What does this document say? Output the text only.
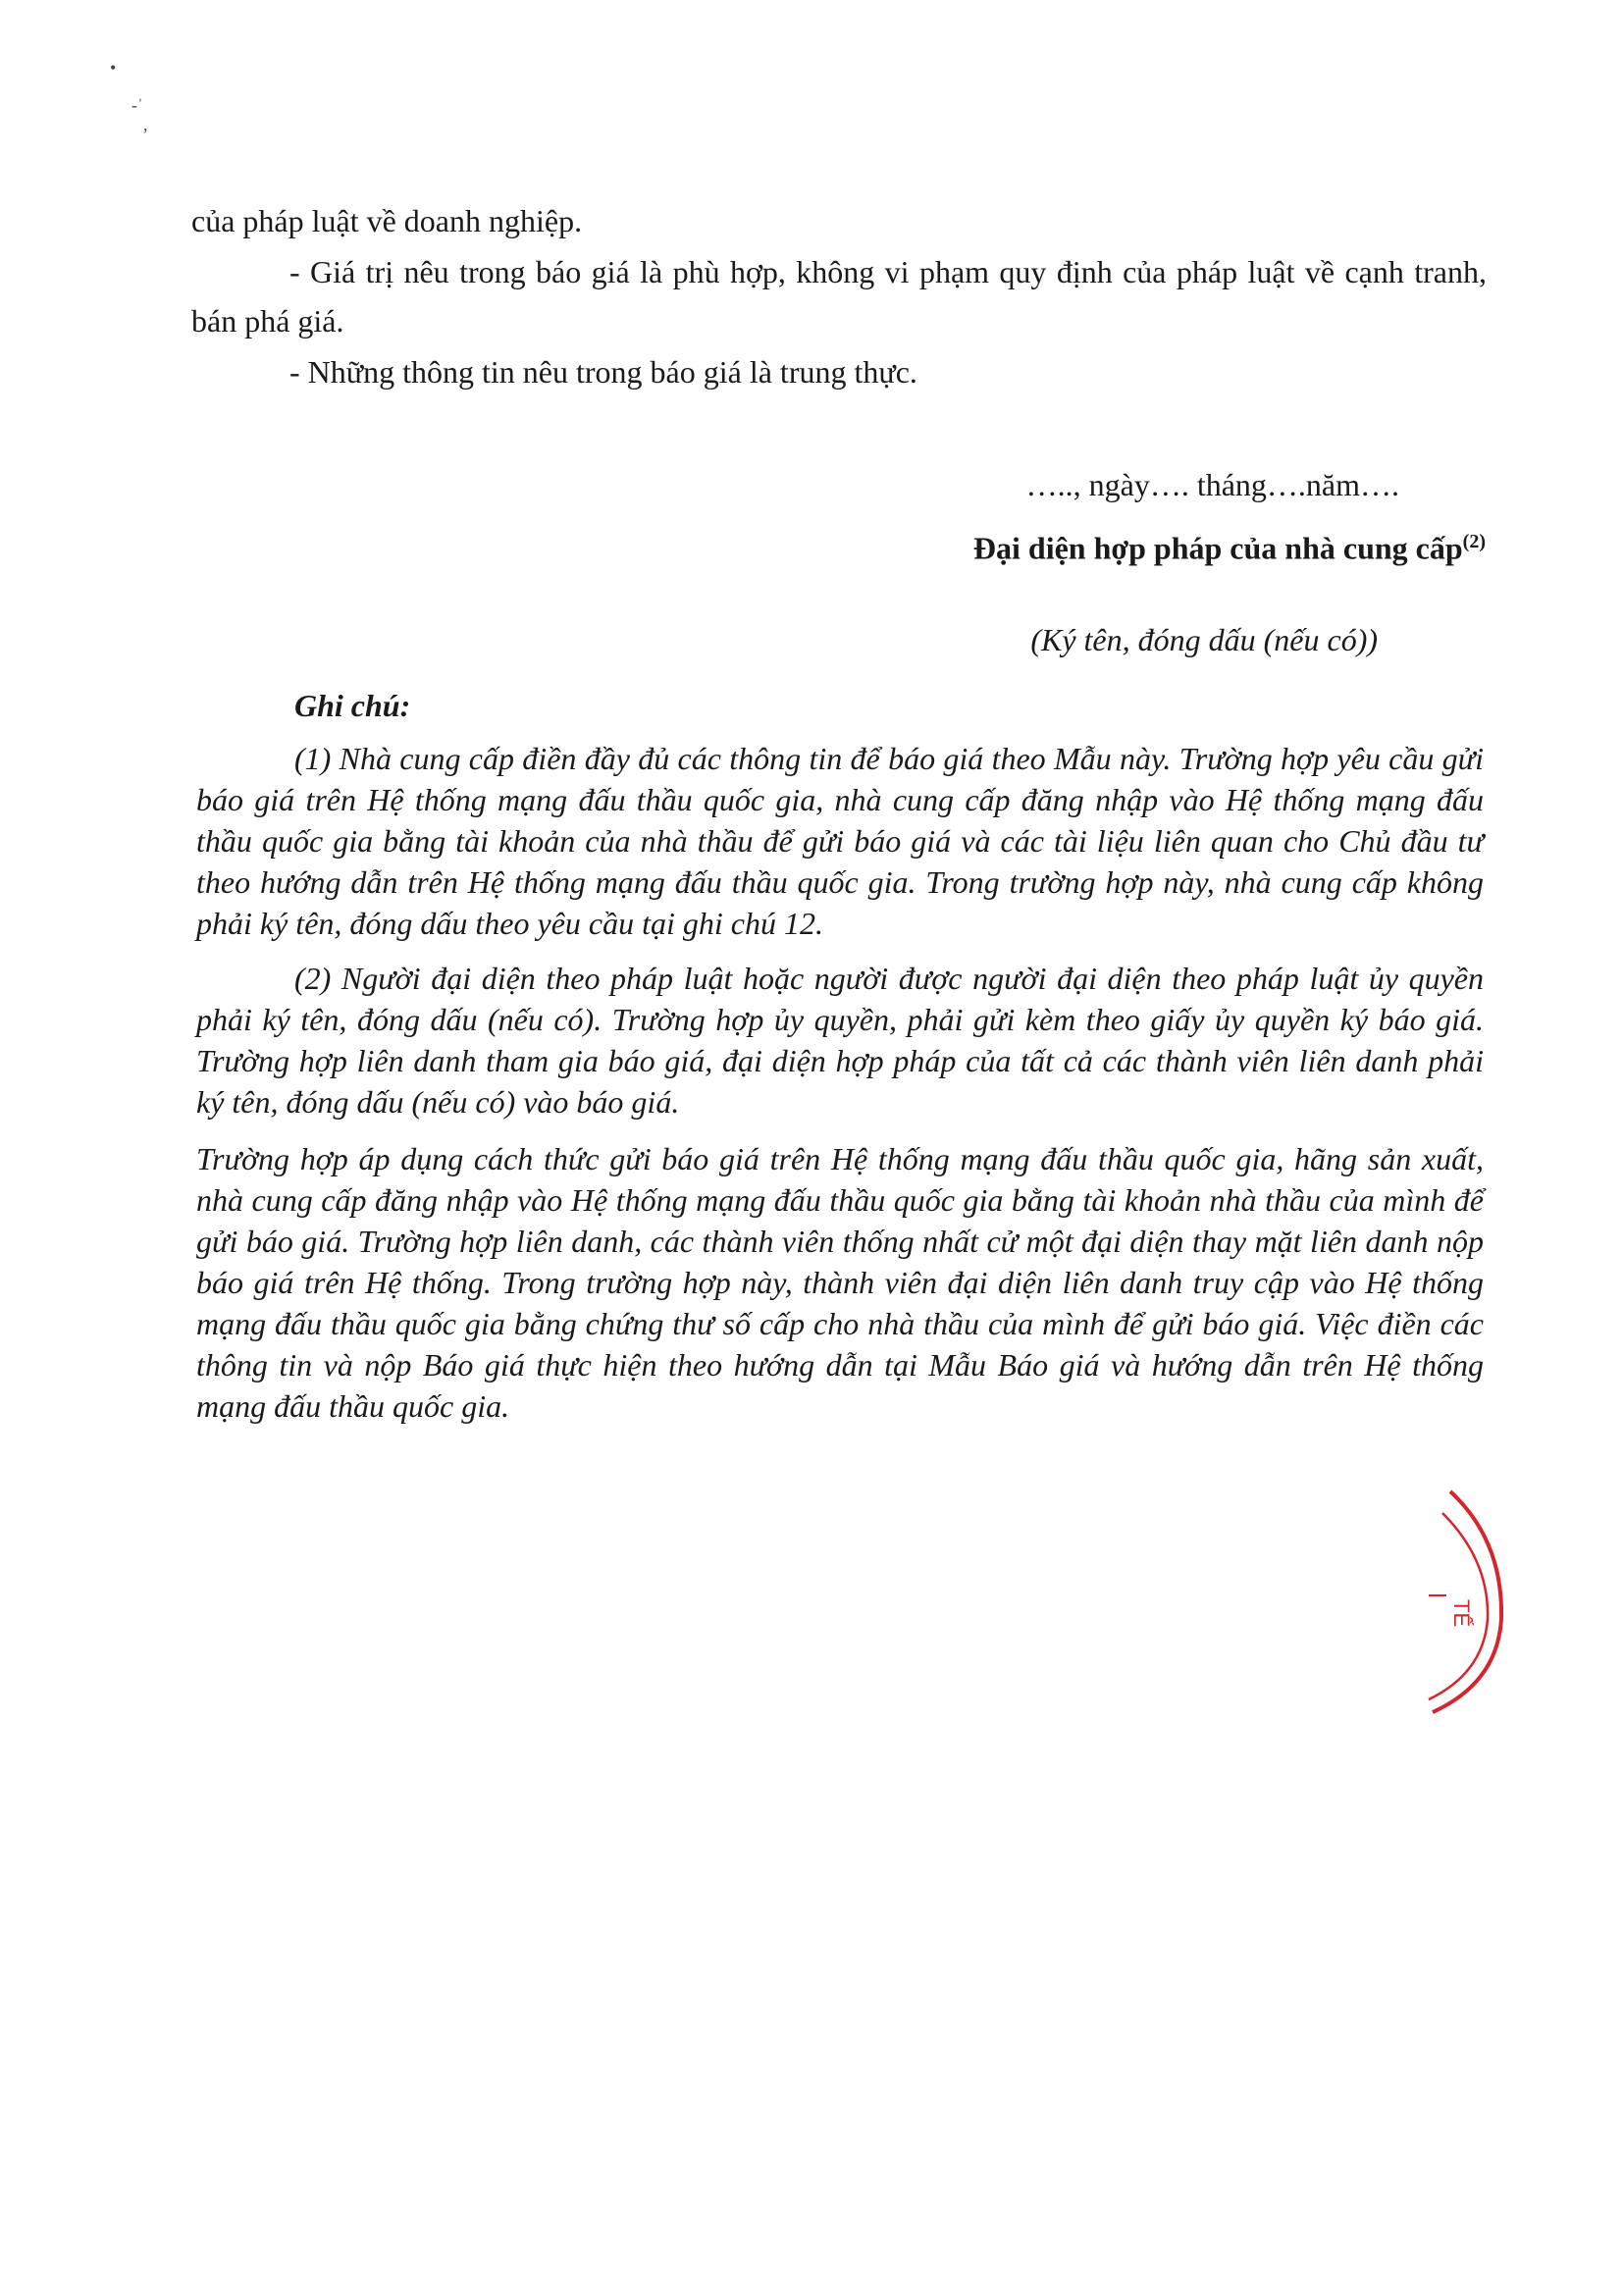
•
-ˈ
,

của pháp luật về doanh nghiệp.

- Giá trị nêu trong báo giá là phù hợp, không vi phạm quy định của pháp luật về cạnh tranh, bán phá giá.

- Những thông tin nêu trong báo giá là trung thực.

….., ngày…. tháng….năm….

Đại diện hợp pháp của nhà cung cấp$^{(2)}$

(Ký tên, đóng dấu (nếu có))

Ghi chú:

(1) Nhà cung cấp điền đầy đủ các thông tin để báo giá theo Mẫu này. Trường hợp yêu cầu gửi báo giá trên Hệ thống mạng đấu thầu quốc gia, nhà cung cấp đăng nhập vào Hệ thống mạng đấu thầu quốc gia bằng tài khoản của nhà thầu để gửi báo giá và các tài liệu liên quan cho Chủ đầu tư theo hướng dẫn trên Hệ thống mạng đấu thầu quốc gia. Trong trường hợp này, nhà cung cấp không phải ký tên, đóng dấu theo yêu cầu tại ghi chú 12.

(2) Người đại diện theo pháp luật hoặc người được người đại diện theo pháp luật ủy quyền phải ký tên, đóng dấu (nếu có). Trường hợp ủy quyền, phải gửi kèm theo giấy ủy quyền ký báo giá. Trường hợp liên danh tham gia báo giá, đại diện hợp pháp của tất cả các thành viên liên danh phải ký tên, đóng dấu (nếu có) vào báo giá.

Trường hợp áp dụng cách thức gửi báo giá trên Hệ thống mạng đấu thầu quốc gia, hãng sản xuất, nhà cung cấp đăng nhập vào Hệ thống mạng đấu thầu quốc gia bằng tài khoản nhà thầu của mình để gửi báo giá. Trường hợp liên danh, các thành viên thống nhất cử một đại diện thay mặt liên danh nộp báo giá trên Hệ thống. Trong trường hợp này, thành viên đại diện liên danh truy cập vào Hệ thống mạng đấu thầu quốc gia bằng chứng thư số cấp cho nhà thầu của mình để gửi báo giá. Việc điền các thông tin và nộp Báo giá thực hiện theo hướng dẫn tại Mẫu Báo giá và hướng dẫn trên Hệ thống mạng đấu thầu quốc gia.

TẾ
